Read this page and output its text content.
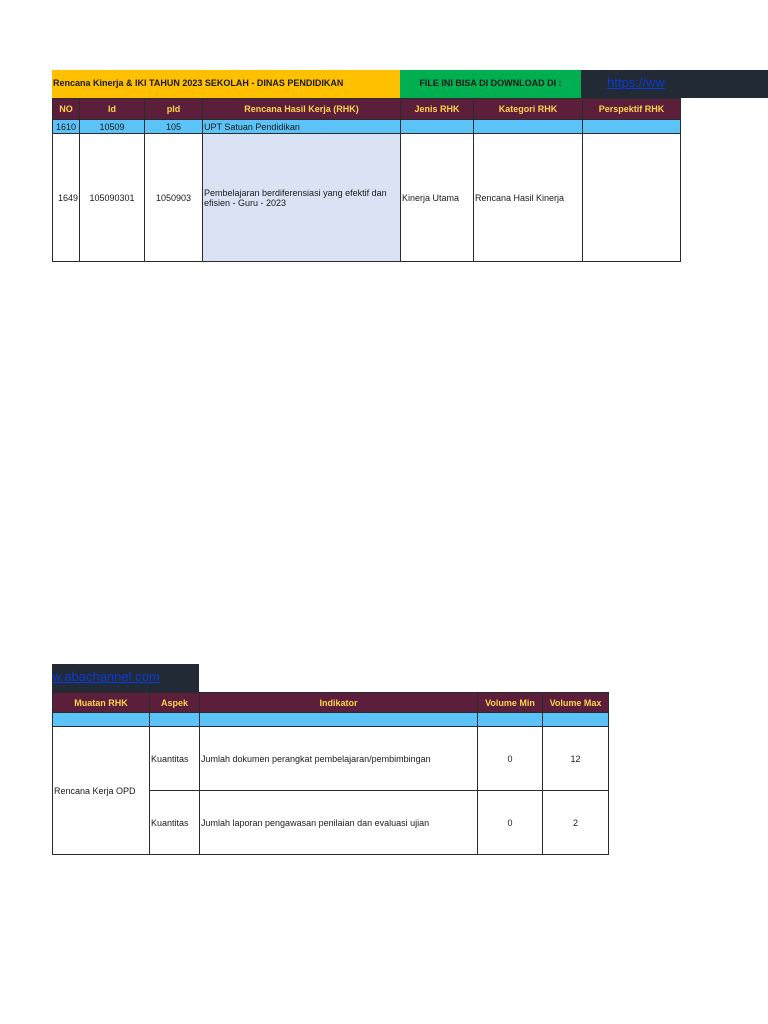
Rencana Kinerja & IKI TAHUN 2023 SEKOLAH - DINAS PENDIDIKAN	FILE INI BISA DI DOWNLOAD DI :	https://ww
NO	Id	pId	Rencana Hasil Kerja (RHK)	Jenis RHK	Kategori RHK	Perspektif RHK
1610	10509	105	UPT Satuan Pendidikan			
1649	105090301	1050903	Pembelajaran berdiferensiasi yang efektif dan efisien - Guru - 2023	Kinerja Utama	Rencana Hasil Kinerja	
w.abachannel.com
Muatan RHK	Aspek	Indikator	Volume Min	Volume Max

Rencana Kerja OPD	Kuantitas	Jumlah dokumen perangkat pembelajaran/pembimbingan	0	12
	Kuantitas	Jumlah laporan pengawasan penilaian dan evaluasi ujian	0	2
